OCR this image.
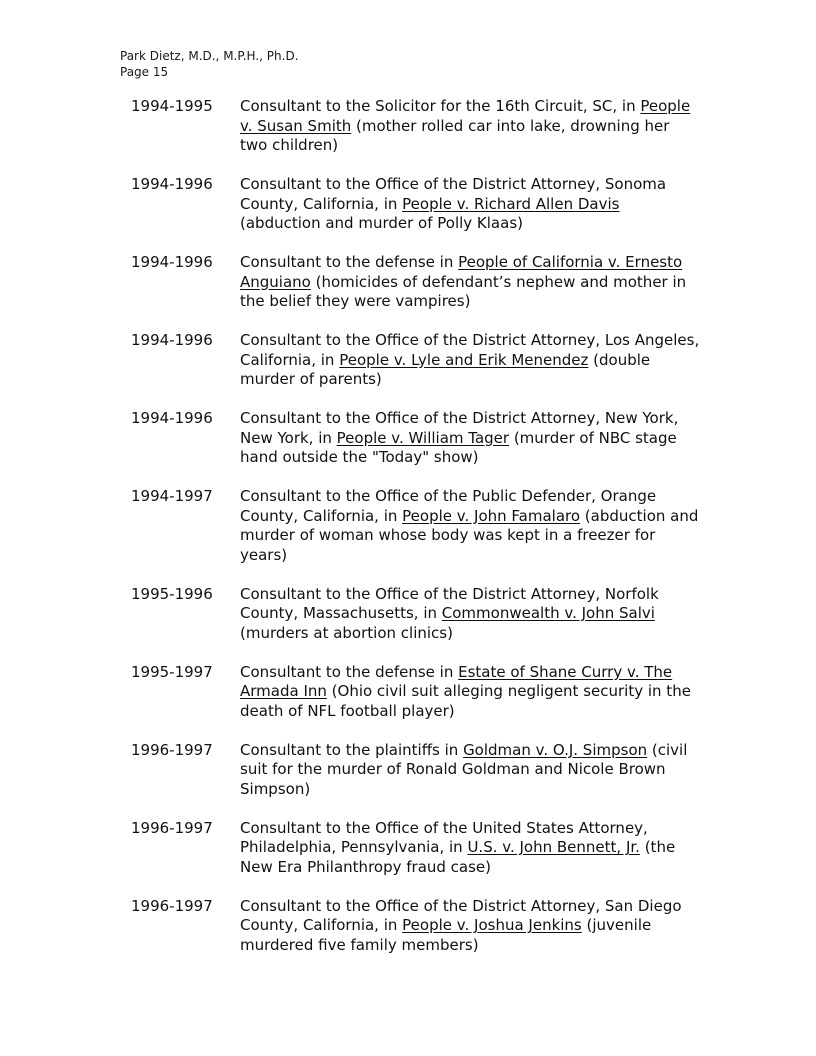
Park Dietz, M.D., M.P.H., Ph.D.
Page 15
1994-1995	Consultant to the Solicitor for the 16th Circuit, SC, in People v. Susan Smith (mother rolled car into lake, drowning her two children)
1994-1996	Consultant to the Office of the District Attorney, Sonoma County, California, in People v. Richard Allen Davis (abduction and murder of Polly Klaas)
1994-1996	Consultant to the defense in People of California v. Ernesto Anguiano (homicides of defendant’s nephew and mother in the belief they were vampires)
1994-1996	Consultant to the Office of the District Attorney, Los Angeles, California, in People v. Lyle and Erik Menendez (double murder of parents)
1994-1996	Consultant to the Office of the District Attorney, New York, New York, in People v. William Tager (murder of NBC stage hand outside the "Today" show)
1994-1997	Consultant to the Office of the Public Defender, Orange County, California, in People v. John Famalaro (abduction and murder of woman whose body was kept in a freezer for years)
1995-1996	Consultant to the Office of the District Attorney, Norfolk County, Massachusetts, in Commonwealth v. John Salvi (murders at abortion clinics)
1995-1997	Consultant to the defense in Estate of Shane Curry v. The Armada Inn (Ohio civil suit alleging negligent security in the death of NFL football player)
1996-1997	Consultant to the plaintiffs in Goldman v. O.J. Simpson (civil suit for the murder of Ronald Goldman and Nicole Brown Simpson)
1996-1997	Consultant to the Office of the United States Attorney, Philadelphia, Pennsylvania, in U.S. v. John Bennett, Jr. (the New Era Philanthropy fraud case)
1996-1997	Consultant to the Office of the District Attorney, San Diego County, California, in People v. Joshua Jenkins (juvenile murdered five family members)
